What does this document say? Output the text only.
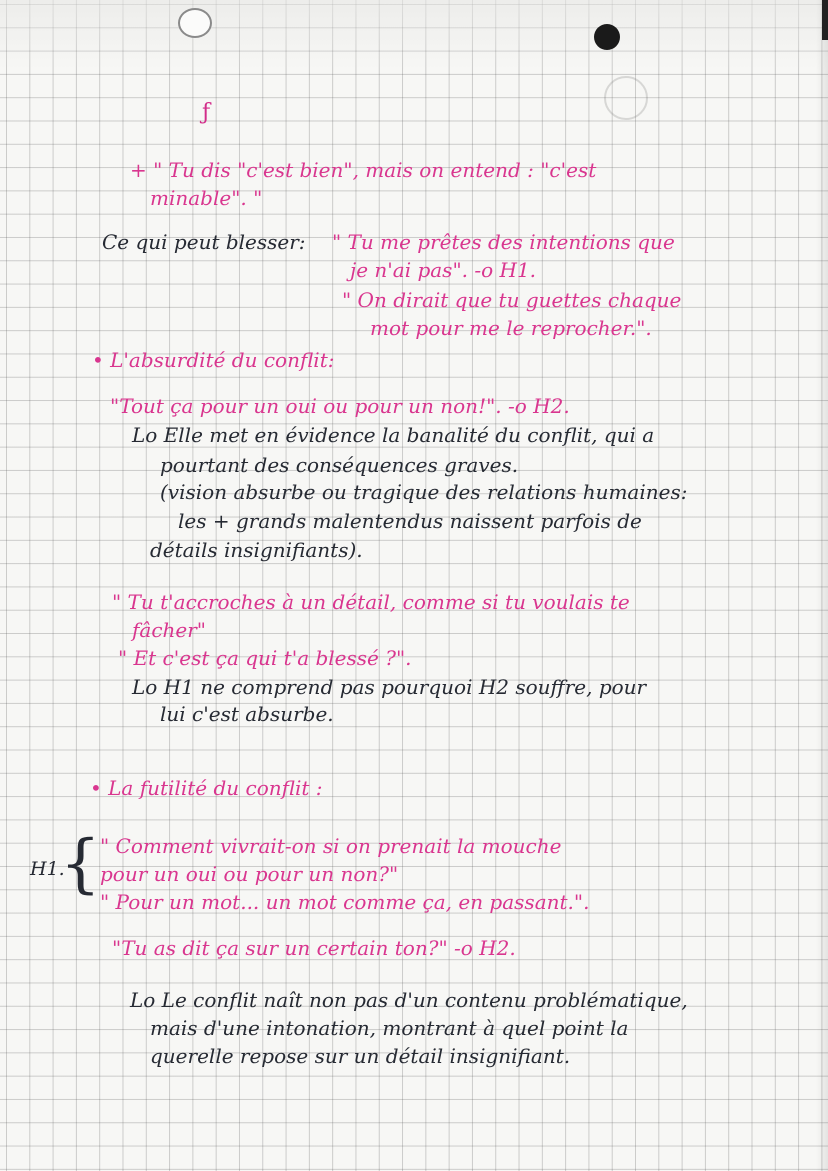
ƒ
+ " Tu dis "c'est bien", mais on entend : "c'est
minable". "
Ce qui peut blesser: " Tu me prêtes des intentions que
je n'ai pas". -o H1.
" On dirait que tu guettes chaque
mot pour me le reprocher.".
• L'absurdité du conflit:
"Tout ça pour un oui ou pour un non!". -o H2.
Lo Elle met en évidence la banalité du conflit, qui a
pourtant des conséquences graves.
(vision absurbe ou tragique des relations humaines:
les + grands malentendus naissent parfois de
détails insignifiants).
" Tu t'accroches à un détail, comme si tu voulais te
fâcher"
" Et c'est ça qui t'a blessé ?".
Lo H1 ne comprend pas pourquoi H2 souffre, pour
lui c'est absurbe.
• La futilité du conflit :
H1.
{ " Comment vivrait-on si on prenait la mouche
pour un oui ou pour un non?"
" Pour un mot... un mot comme ça, en passant.".
"Tu as dit ça sur un certain ton?" -o H2.
Lo Le conflit naît non pas d'un contenu problématique,
mais d'une intonation, montrant à quel point la
querelle repose sur un détail insignifiant.
